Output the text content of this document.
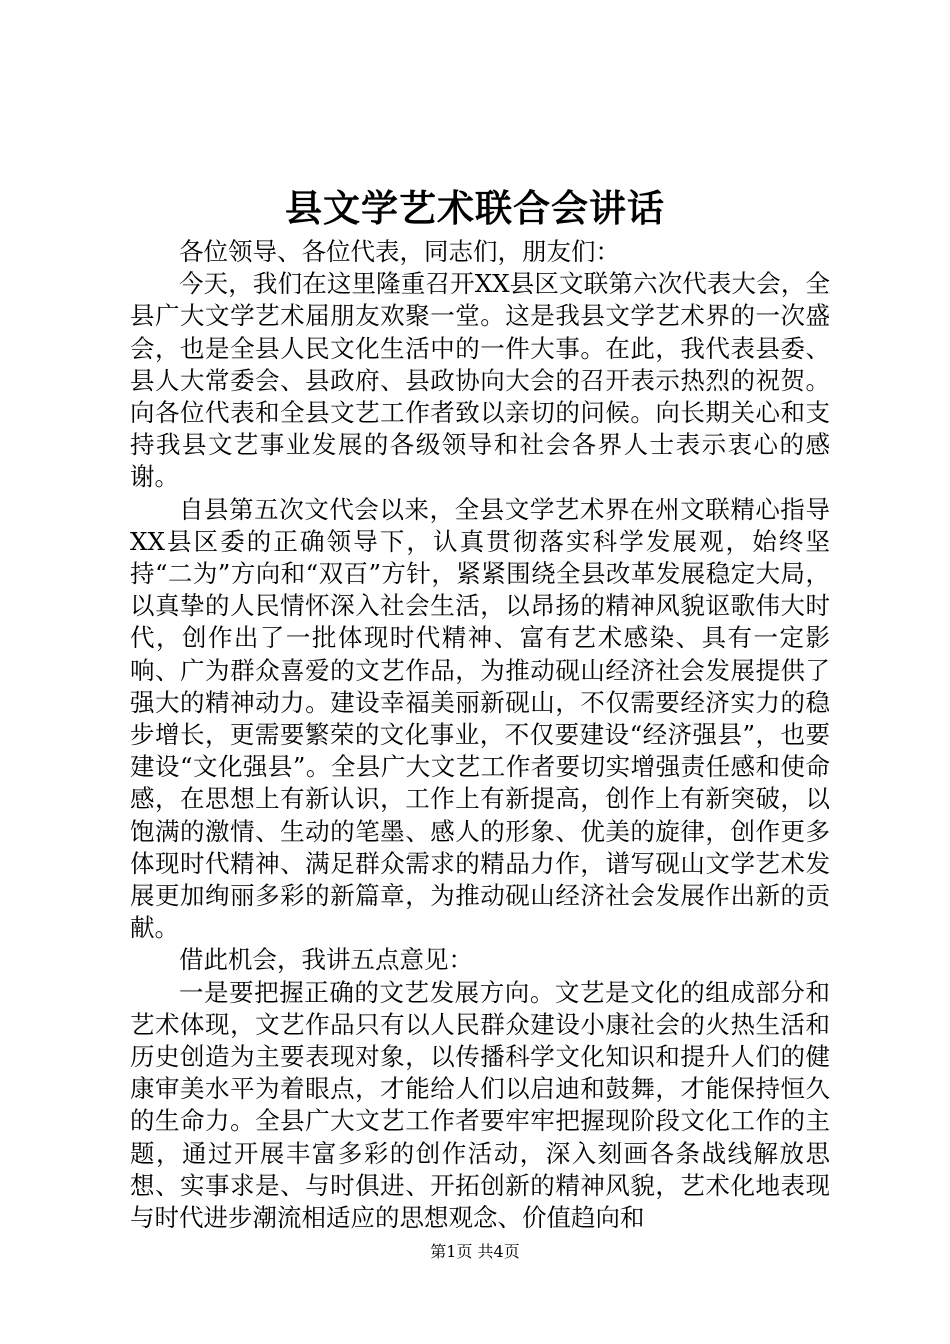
县文学艺术联合会讲话

各位领导、各位代表，同志们，朋友们：

今天，我们在这里隆重召开XX县区文联第六次代表大会，全县广大文学艺术届朋友欢聚一堂。这是我县文学艺术界的一次盛会，也是全县人民文化生活中的一件大事。在此，我代表县委、县人大常委会、县政府、县政协向大会的召开表示热烈的祝贺。向各位代表和全县文艺工作者致以亲切的问候。向长期关心和支持我县文艺事业发展的各级领导和社会各界人士表示衷心的感谢。

自县第五次文代会以来，全县文学艺术界在州文联精心指导XX县区委的正确领导下，认真贯彻落实科学发展观，始终坚持“二为”方向和“双百”方针，紧紧围绕全县改革发展稳定大局，以真挚的人民情怀深入社会生活，以昂扬的精神风貌讴歌伟大时代，创作出了一批体现时代精神、富有艺术感染、具有一定影响、广为群众喜爱的文艺作品，为推动砚山经济社会发展提供了强大的精神动力。建设幸福美丽新砚山，不仅需要经济实力的稳步增长，更需要繁荣的文化事业，不仅要建设“经济强县”，也要建设“文化强县”。全县广大文艺工作者要切实增强责任感和使命感，在思想上有新认识，工作上有新提高，创作上有新突破，以饱满的激情、生动的笔墨、感人的形象、优美的旋律，创作更多体现时代精神、满足群众需求的精品力作，谱写砚山文学艺术发展更加绚丽多彩的新篇章，为推动砚山经济社会发展作出新的贡献。

借此机会，我讲五点意见：

一是要把握正确的文艺发展方向。文艺是文化的组成部分和艺术体现，文艺作品只有以人民群众建设小康社会的火热生活和历史创造为主要表现对象，以传播科学文化知识和提升人们的健康审美水平为着眼点，才能给人们以启迪和鼓舞，才能保持恒久的生命力。全县广大文艺工作者要牢牢把握现阶段文化工作的主题，通过开展丰富多彩的创作活动，深入刻画各条战线解放思想、实事求是、与时俱进、开拓创新的精神风貌，艺术化地表现与时代进步潮流相适应的思想观念、价值趋向和

第1页 共4页
